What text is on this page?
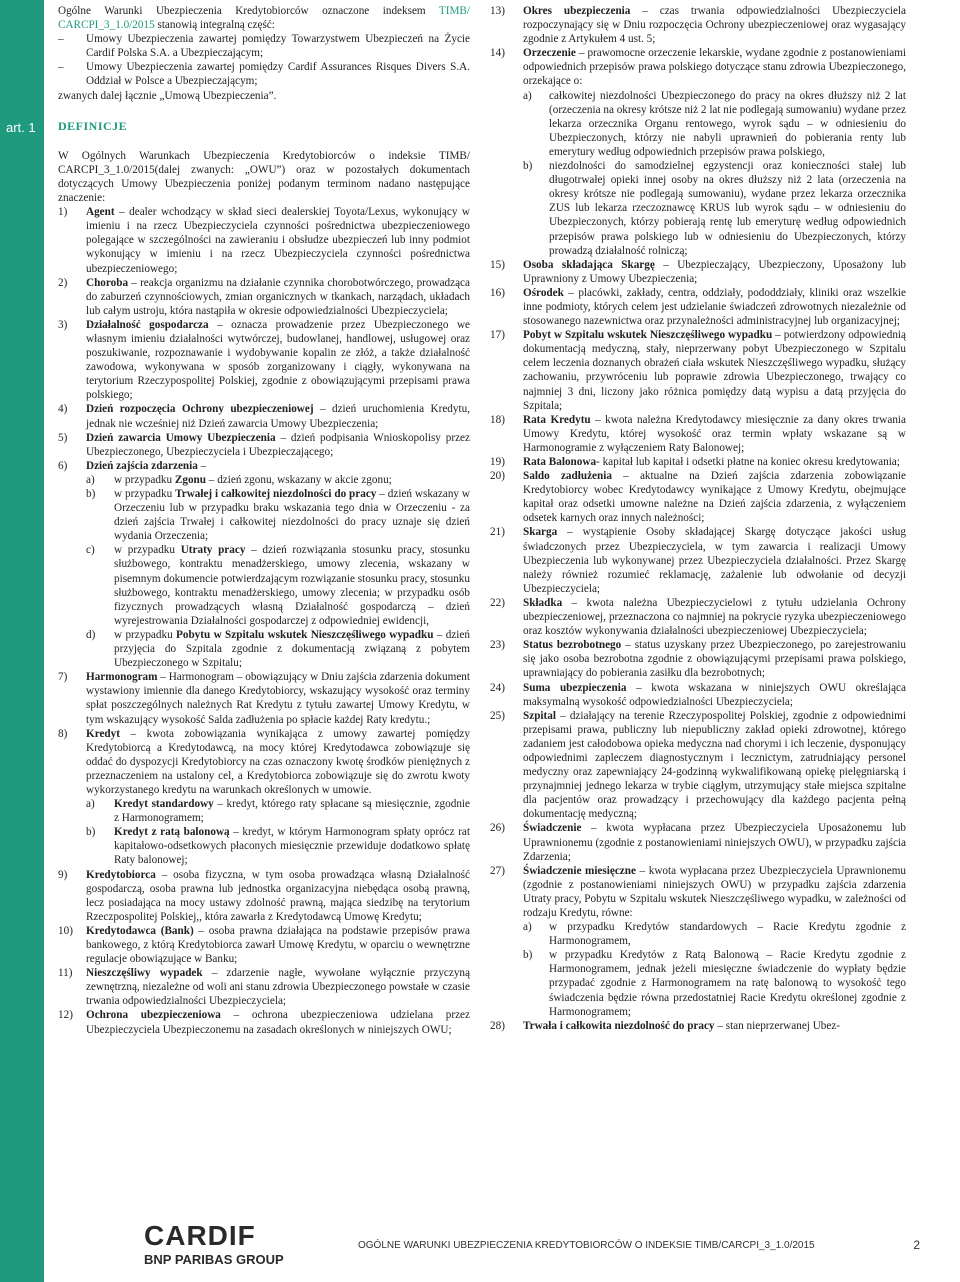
art. 1

Ogólne Warunki Ubezpieczenia Kredytobiorców oznaczone indeksem TIMB/ CARCPI_3_1.0/2015 stanowią integralną część:

– Umowy Ubezpieczenia zawartej pomiędzy Towarzystwem Ubezpieczeń na Życie Cardif Polska S.A. a Ubezpieczającym;
– Umowy Ubezpieczenia zawartej pomiędzy Cardif Assurances Risques Divers S.A. Oddział w Polsce a Ubezpieczającym;

zwanych dalej łącznie „Umową Ubezpieczenia”.

DEFINICJE

W Ogólnych Warunkach Ubezpieczenia Kredytobiorców o indeksie TIMB/ CARCPI_3_1.0/2015(dalej zwanych: „OWU”) oraz w pozostałych dokumentach dotyczących Umowy Ubezpieczenia poniżej podanym terminom nadano następujące znaczenie:

1) Agent – dealer wchodzący w skład sieci dealerskiej Toyota/Lexus, wykonujący w imieniu i na rzecz Ubezpieczyciela czynności pośrednictwa ubezpieczeniowego polegające w szczególności na zawieraniu i obsłudze ubezpieczeń lub inny podmiot wykonujący w imieniu i na rzecz Ubezpieczyciela czynności pośrednictwa ubezpieczeniowego;
2) Choroba – reakcja organizmu na działanie czynnika chorobotwórczego, prowadząca do zaburzeń czynnościowych, zmian organicznych w tkankach, narządach, układach lub całym ustroju, która nastąpiła w okresie odpowiedzialności Ubezpieczyciela;
3) Działalność gospodarcza – oznacza prowadzenie przez Ubezpieczonego we własnym imieniu działalności wytwórczej, budowlanej, handlowej, usługowej oraz poszukiwanie, rozpoznawanie i wydobywanie kopalin ze złóż, a także działalność zawodowa, wykonywana w sposób zorganizowany i ciągły, wykonywana na terytorium Rzeczypospolitej Polskiej, zgodnie z obowiązującymi przepisami prawa polskiego;
4) Dzień rozpoczęcia Ochrony ubezpieczeniowej – dzień uruchomienia Kredytu, jednak nie wcześniej niż Dzień zawarcia Umowy Ubezpieczenia;
5) Dzień zawarcia Umowy Ubezpieczenia – dzień podpisania Wnioskopolisy przez Ubezpieczonego, Ubezpieczyciela i Ubezpieczającego;
6) Dzień zajścia zdarzenia –
a) w przypadku Zgonu – dzień zgonu, wskazany w akcie zgonu;
b) w przypadku Trwałej i całkowitej niezdolności do pracy – dzień wskazany w Orzeczeniu lub w przypadku braku wskazania tego dnia w Orzeczeniu - za dzień zajścia Trwałej i całkowitej niezdolności do pracy uznaje się dzień wydania Orzeczenia;
c) w przypadku Utraty pracy – dzień rozwiązania stosunku pracy, stosunku służbowego, kontraktu menadżerskiego, umowy zlecenia, wskazany w pisemnym dokumencie potwierdzającym rozwiązanie stosunku pracy, stosunku służbowego, kontraktu menadżerskiego, umowy zlecenia; w przypadku osób fizycznych prowadzących własną Działalność gospodarczą – dzień wyrejestrowania Działalności gospodarczej z odpowiedniej ewidencji,
d) w przypadku Pobytu w Szpitalu wskutek Nieszczęśliwego wypadku – dzień przyjęcia do Szpitala zgodnie z dokumentacją związaną z pobytem Ubezpieczonego w Szpitalu;
7) Harmonogram – Harmonogram – obowiązujący w Dniu zajścia zdarzenia dokument wystawiony imiennie dla danego Kredytobiorcy, wskazujący wysokość oraz terminy spłat poszczególnych należnych Rat Kredytu z tytułu zawartej Umowy Kredytu, w tym wskazujący wysokość Salda zadłużenia po spłacie każdej Raty kredytu.;
8) Kredyt – kwota zobowiązania wynikająca z umowy zawartej pomiędzy Kredytobiorcą a Kredytodawcą, na mocy której Kredytodawca zobowiązuje się oddać do dyspozycji Kredytobiorcy na czas oznaczony kwotę środków pieniężnych z przeznaczeniem na ustalony cel, a Kredytobiorca zobowiązuje się do zwrotu kwoty wykorzystanego kredytu na warunkach określonych w umowie.
a) Kredyt standardowy – kredyt, którego raty spłacane są miesięcznie, zgodnie z Harmonogramem;
b) Kredyt z ratą balonową – kredyt, w którym Harmonogram spłaty oprócz rat kapitałowo-odsetkowych płaconych miesięcznie przewiduje dodatkowo spłatę Raty balonowej;
9) Kredytobiorca – osoba fizyczna, w tym osoba prowadząca własną Działalność gospodarczą, osoba prawna lub jednostka organizacyjna niebędąca osobą prawną, lecz posiadająca na mocy ustawy zdolność prawną, mająca siedzibę na terytorium Rzeczpospolitej Polskiej,, która zawarła z Kredytodawcą Umowę Kredytu;
10) Kredytodawca (Bank) – osoba prawna działająca na podstawie przepisów prawa bankowego, z którą Kredytobiorca zawarł Umowę Kredytu, w oparciu o wewnętrzne regulacje obowiązujące w Banku;
11) Nieszczęśliwy wypadek – zdarzenie nagłe, wywołane wyłącznie przyczyną zewnętrzną, niezależne od woli ani stanu zdrowia Ubezpieczonego powstałe w czasie trwania odpowiedzialności Ubezpieczyciela;
12) Ochrona ubezpieczeniowa – ochrona ubezpieczeniowa udzielana przez Ubezpieczyciela Ubezpieczonemu na zasadach określonych w niniejszych OWU;
13) Okres ubezpieczenia – czas trwania odpowiedzialności Ubezpieczyciela rozpoczynający się w Dniu rozpoczęcia Ochrony ubezpieczeniowej oraz wygasający zgodnie z Artykułem 4 ust. 5;
14) Orzeczenie – prawomocne orzeczenie lekarskie, wydane zgodnie z postanowieniami odpowiednich przepisów prawa polskiego dotyczące stanu zdrowia Ubezpieczonego, orzekające o:
a) całkowitej niezdolności Ubezpieczonego do pracy na okres dłuższy niż 2 lat (orzeczenia na okresy krótsze niż 2 lat nie podlegają sumowaniu) wydane przez lekarza orzecznika Organu rentowego, wyrok sądu – w odniesieniu do Ubezpieczonych, którzy nie nabyli uprawnień do pobierania renty lub emerytury według odpowiednich przepisów prawa polskiego,
b) niezdolności do samodzielnej egzystencji oraz konieczności stałej lub długotrwałej opieki innej osoby na okres dłuższy niż 2 lata (orzeczenia na okresy krótsze nie podlegają sumowaniu), wydane przez lekarza orzecznika ZUS lub lekarza rzeczoznawcę KRUS lub wyrok sądu – w odniesieniu do Ubezpieczonych, którzy pobierają rentę lub emeryturę według odpowiednich przepisów prawa polskiego lub w odniesieniu do Ubezpieczonych, którzy prowadzą działalność rolniczą;
15) Osoba składająca Skargę – Ubezpieczający, Ubezpieczony, Uposażony lub Uprawniony z Umowy Ubezpieczenia;
16) Ośrodek – placówki, zakłady, centra, oddziały, pododdziały, kliniki oraz wszelkie inne podmioty, których celem jest udzielanie świadczeń zdrowotnych niezależnie od stosowanego nazewnictwa oraz przynależności administracyjnej lub organizacyjnej;
17) Pobyt w Szpitalu wskutek Nieszczęśliwego wypadku – potwierdzony odpowiednią dokumentacją medyczną, stały, nieprzerwany pobyt Ubezpieczonego w Szpitalu celem leczenia doznanych obrażeń ciała wskutek Nieszczęśliwego wypadku, służący zachowaniu, przywróceniu lub poprawie zdrowia Ubezpieczonego, trwający co najmniej 3 dni, liczony jako różnica pomiędzy datą wypisu a datą przyjęcia do Szpitala;
18) Rata Kredytu – kwota należna Kredytodawcy miesięcznie za dany okres trwania Umowy Kredytu, której wysokość oraz termin wpłaty wskazane są w Harmonogramie z wyłączeniem Raty Balonowej;
19) Rata Balonowa- kapitał lub kapitał i odsetki płatne na koniec okresu kredytowania;
20) Saldo zadłużenia – aktualne na Dzień zajścia zdarzenia zobowiązanie Kredytobiorcy wobec Kredytodawcy wynikające z Umowy Kredytu, obejmujące kapitał oraz odsetki umowne należne na Dzień zajścia zdarzenia, z wyłączeniem odsetek karnych oraz innych należności;
21) Skarga – wystąpienie Osoby składającej Skargę dotyczące jakości usług świadczonych przez Ubezpieczyciela, w tym zawarcia i realizacji Umowy Ubezpieczenia lub wykonywanej przez Ubezpieczyciela działalności. Przez Skargę należy również rozumieć reklamację, zażalenie lub odwołanie od decyzji Ubezpieczyciela;
22) Składka – kwota należna Ubezpieczycielowi z tytułu udzielania Ochrony ubezpieczeniowej, przeznaczona co najmniej na pokrycie ryzyka ubezpieczeniowego oraz kosztów wykonywania działalności ubezpieczeniowej Ubezpieczyciela;
23) Status bezrobotnego – status uzyskany przez Ubezpieczonego, po zarejestrowaniu się jako osoba bezrobotna zgodnie z obowiązującymi przepisami prawa polskiego, uprawniający do pobierania zasiłku dla bezrobotnych;
24) Suma ubezpieczenia – kwota wskazana w niniejszych OWU określająca maksymalną wysokość odpowiedzialności Ubezpieczyciela;
25) Szpital – działający na terenie Rzeczypospolitej Polskiej, zgodnie z odpowiednimi przepisami prawa, publiczny lub niepubliczny zakład opieki zdrowotnej, którego zadaniem jest całodobowa opieka medyczna nad chorymi i ich leczenie, dysponujący odpowiednimi zapleczem diagnostycznym i lecznictym, zatrudniający personel medyczny oraz zapewniający 24-godzinną wykwalifikowaną opiekę pielęgniarską i przynajmniej jednego lekarza w trybie ciągłym, utrzymujący stałe miejsca szpitalne dla pacjentów oraz prowadzący i przechowujący dla każdego pacjenta pełną dokumentację medyczną;
26) Świadczenie – kwota wypłacana przez Ubezpieczyciela Uposażonemu lub Uprawnionemu (zgodnie z postanowieniami niniejszych OWU), w przypadku zajścia Zdarzenia;
27) Świadczenie miesięczne – kwota wypłacana przez Ubezpieczyciela Uprawnionemu (zgodnie z postanowieniami niniejszych OWU) w przypadku zajścia zdarzenia Utraty pracy, Pobytu w Szpitalu wskutek Nieszczęśliwego wypadku, w zależności od rodzaju Kredytu, równe:
a) w przypadku Kredytów standardowych – Racie Kredytu zgodnie z Harmonogramem,
b) w przypadku Kredytów z Ratą Balonową – Racie Kredytu zgodnie z Harmonogramem, jednak jeżeli miesięczne świadczenie do wypłaty będzie przypadać zgodnie z Harmonogramem na ratę balonową to wysokość tego świadczenia będzie równa przedostatniej Racie Kredytu określonej zgodnie z Harmonogramem;
28) Trwała i całkowita niezdolność do pracy – stan nieprzerwanej Ubez-
CARDIF
BNP PARIBAS GROUP
OGÓLNE WARUNKI UBEZPIECZENIA KREDYTOBIORCÓW O INDEKSIE TIMB/CARCPI_3_1.0/2015	2
